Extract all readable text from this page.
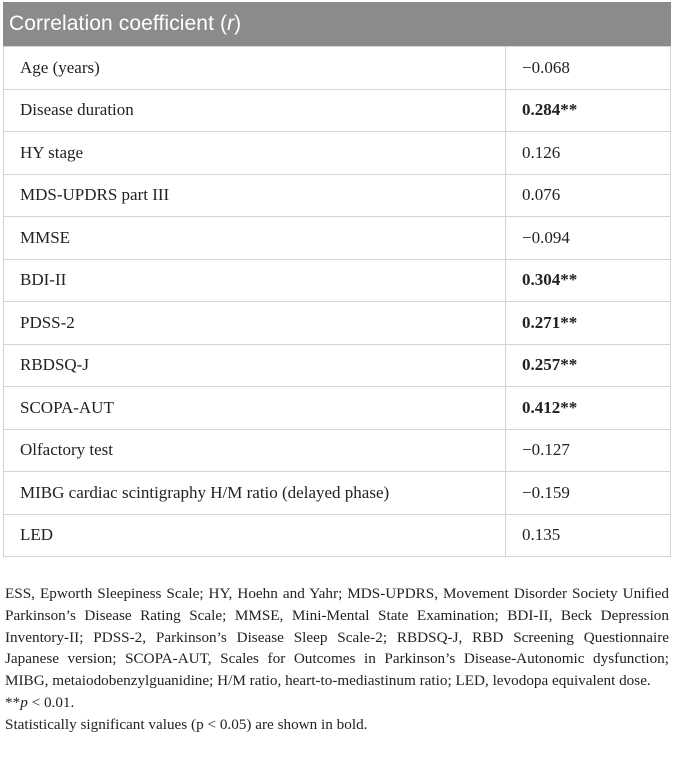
Correlation coefficient ( r )
Age (years)	−0.068
Disease duration	0.284**
HY stage	0.126
MDS-UPDRS part III	0.076
MMSE	−0.094
BDI-II	0.304**
PDSS-2	0.271**
RBDSQ-J	0.257**
SCOPA-AUT	0.412**
Olfactory test	−0.127
MIBG cardiac scintigraphy H/M ratio (delayed phase)	−0.159
LED	0.135

ESS, Epworth Sleepiness Scale; HY, Hoehn and Yahr; MDS-UPDRS, Movement Disorder Society Unified Parkinson’s Disease Rating Scale; MMSE, Mini-Mental State Examination; BDI-II, Beck Depression Inventory-II; PDSS-2, Parkinson’s Disease Sleep Scale-2; RBDSQ-J, RBD Screening Questionnaire Japanese version; SCOPA-AUT, Scales for Outcomes in Parkinson’s Disease-Autonomic dysfunction; MIBG, metaiodobenzylguanidine; H/M ratio, heart-to-mediastinum ratio; LED, levodopa equivalent dose.

**p < 0.01.

Statistically significant values (p < 0.05) are shown in bold.
